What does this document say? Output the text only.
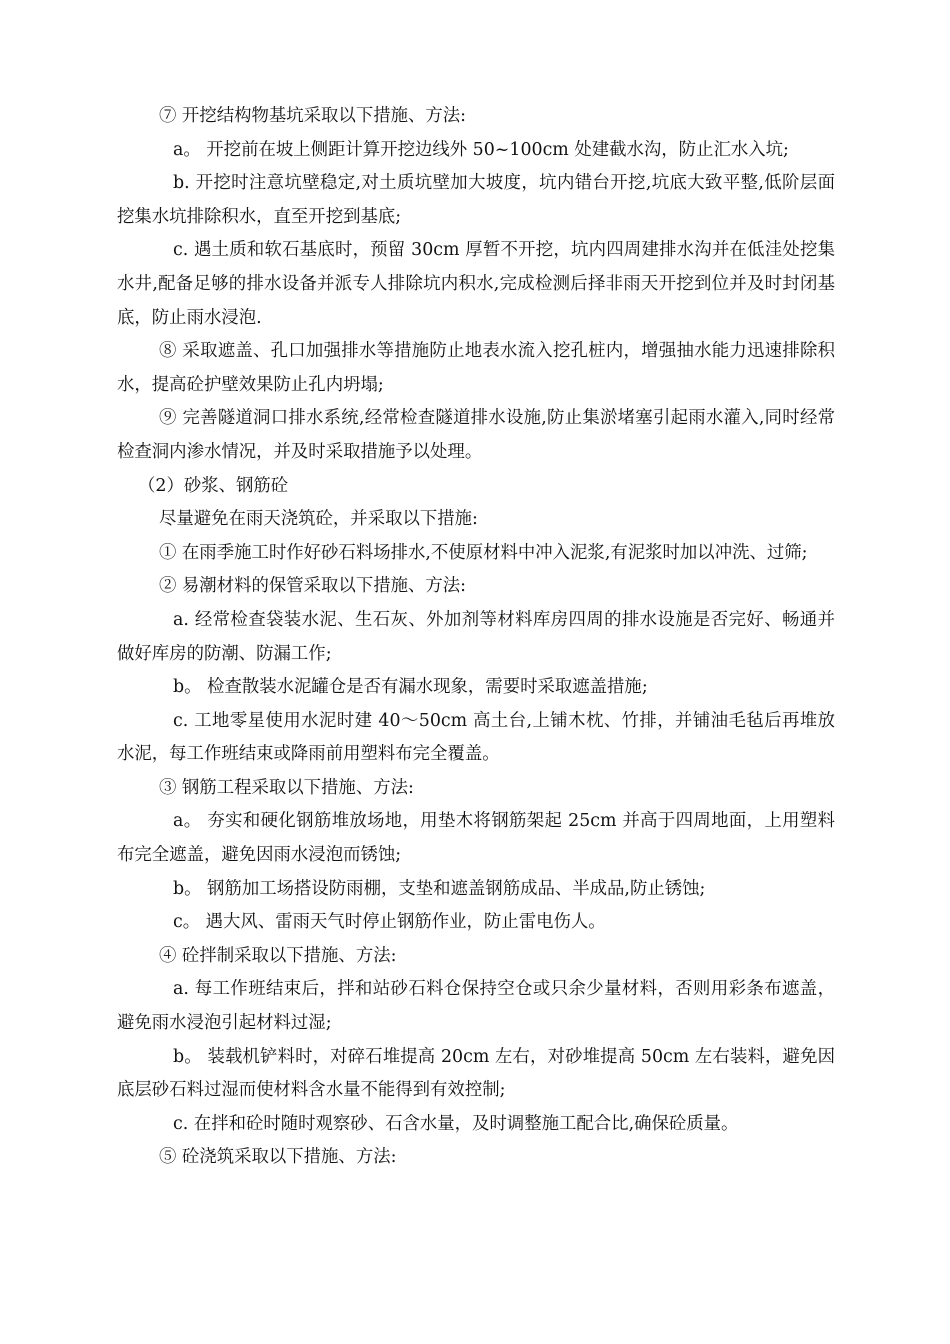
⑦ 开挖结构物基坑采取以下措施、方法:

a。 开挖前在坡上侧距计算开挖边线外 50~100cm 处建截水沟，防止汇水入坑;

b. 开挖时注意坑壁稳定,对土质坑壁加大坡度，坑内错台开挖,坑底大致平整,低阶层面挖集水坑排除积水，直至开挖到基底;

c. 遇土质和软石基底时，预留 30cm 厚暂不开挖，坑内四周建排水沟并在低洼处挖集水井,配备足够的排水设备并派专人排除坑内积水,完成检测后择非雨天开挖到位并及时封闭基底，防止雨水浸泡.

⑧ 采取遮盖、孔口加强排水等措施防止地表水流入挖孔桩内，增强抽水能力迅速排除积水，提高砼护壁效果防止孔内坍塌;

⑨ 完善隧道洞口排水系统,经常检查隧道排水设施,防止集淤堵塞引起雨水灌入,同时经常检查洞内渗水情况，并及时采取措施予以处理。

（2）砂浆、钢筋砼

尽量避免在雨天浇筑砼，并采取以下措施:

① 在雨季施工时作好砂石料场排水,不使原材料中冲入泥浆,有泥浆时加以冲洗、过筛;

② 易潮材料的保管采取以下措施、方法:

a. 经常检查袋装水泥、生石灰、外加剂等材料库房四周的排水设施是否完好、畅通并做好库房的防潮、防漏工作;

b。 检查散装水泥罐仓是否有漏水现象，需要时采取遮盖措施;

c. 工地零星使用水泥时建 40～50cm 高土台,上铺木枕、竹排，并铺油毛毡后再堆放水泥，每工作班结束或降雨前用塑料布完全覆盖。

③ 钢筋工程采取以下措施、方法:

a。 夯实和硬化钢筋堆放场地，用垫木将钢筋架起 25cm 并高于四周地面，上用塑料布完全遮盖，避免因雨水浸泡而锈蚀;

b。 钢筋加工场搭设防雨棚，支垫和遮盖钢筋成品、半成品,防止锈蚀;

c。 遇大风、雷雨天气时停止钢筋作业，防止雷电伤人。

④ 砼拌制采取以下措施、方法:

a. 每工作班结束后，拌和站砂石料仓保持空仓或只余少量材料，否则用彩条布遮盖，避免雨水浸泡引起材料过湿;

b。 装载机铲料时，对碎石堆提高 20cm 左右，对砂堆提高 50cm 左右装料，避免因底层砂石料过湿而使材料含水量不能得到有效控制;

c. 在拌和砼时随时观察砂、石含水量，及时调整施工配合比,确保砼质量。

⑤ 砼浇筑采取以下措施、方法:
